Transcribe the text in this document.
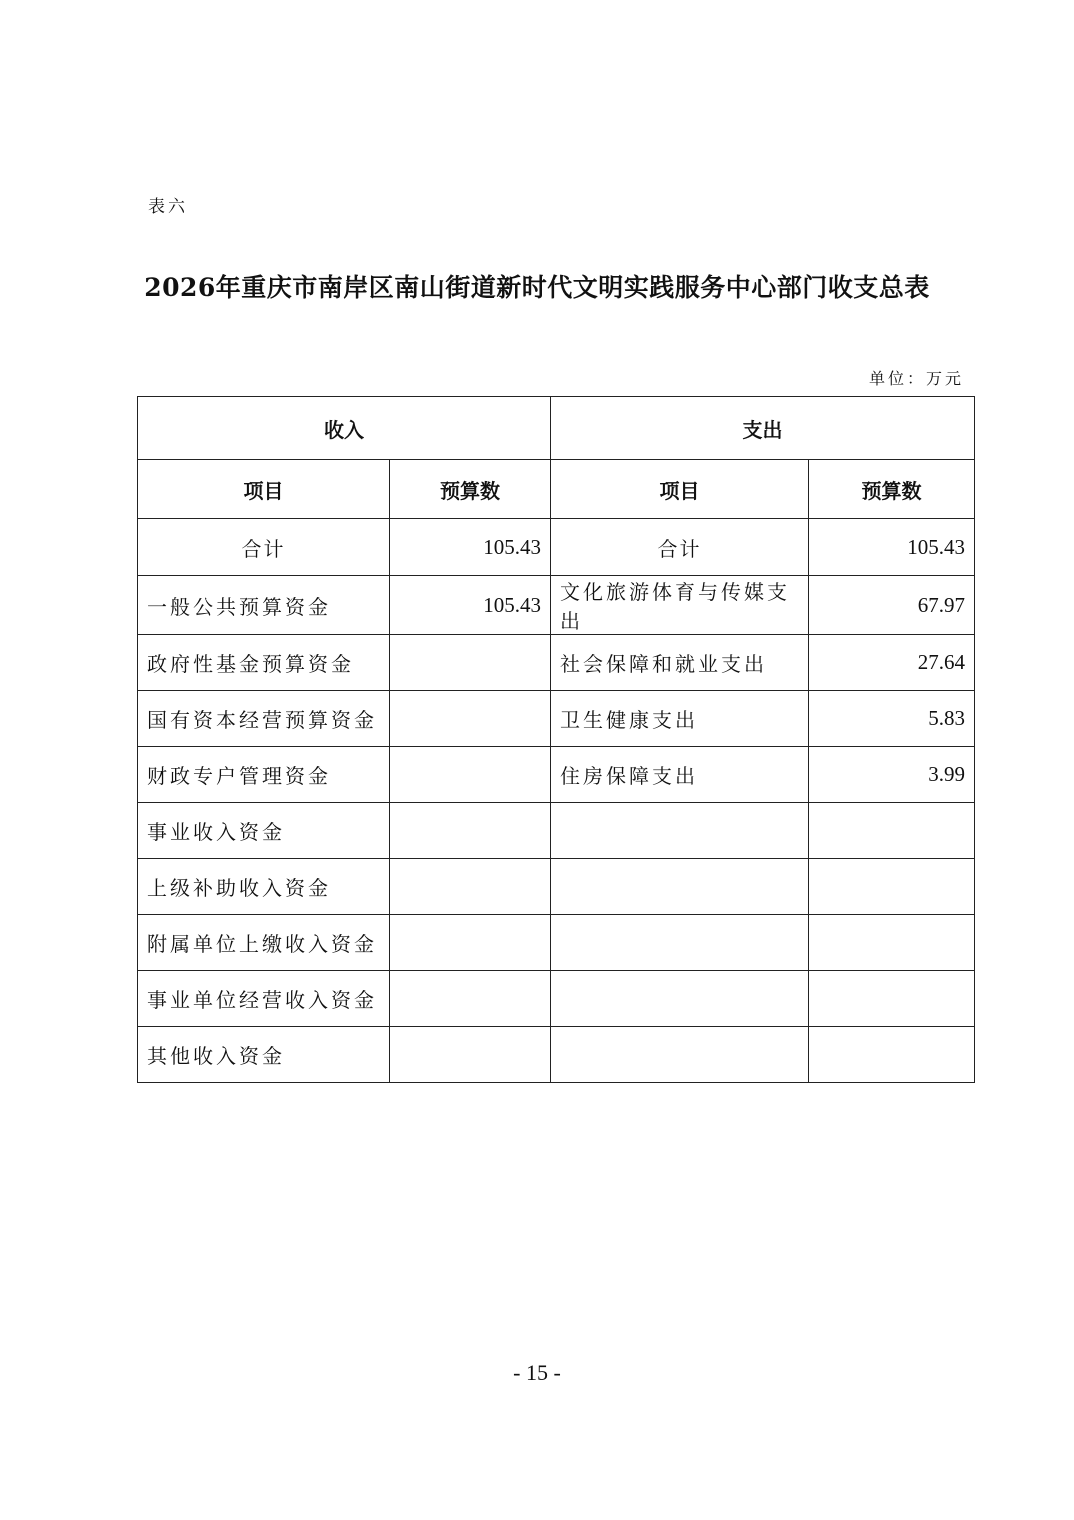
表六
2026年重庆市南岸区南山街道新时代文明实践服务中心部门收支总表
单位：万元
收入		支出	
项目	预算数	项目	预算数
合计	105.43	合计	105.43
一般公共预算资金	105.43	文化旅游体育与传媒支出	67.97
政府性基金预算资金		社会保障和就业支出	27.64
国有资本经营预算资金		卫生健康支出	5.83
财政专户管理资金		住房保障支出	3.99
事业收入资金			
上级补助收入资金			
附属单位上缴收入资金			
事业单位经营收入资金			
其他收入资金			
- 15 -
